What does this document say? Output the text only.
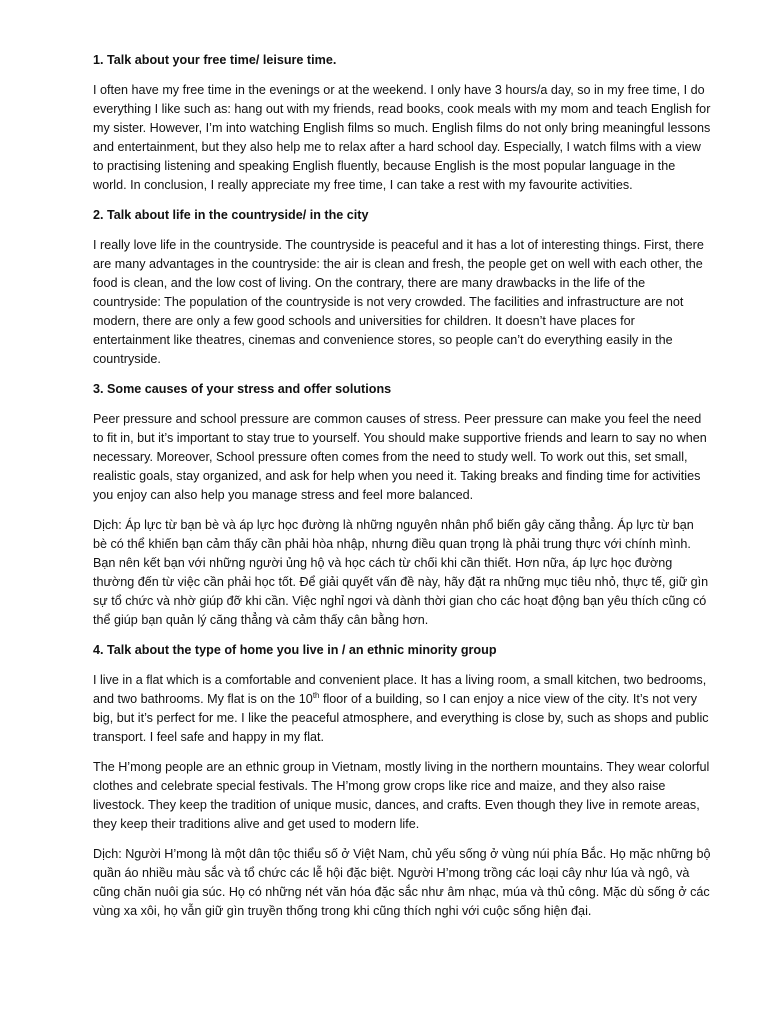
1. Talk about your free time/ leisure time.
I often have my free time in the evenings or at the weekend. I only have 3 hours/a day, so in my free time, I do everything I like such as: hang out with my friends, read books, cook meals with my mom and teach English for my sister. However, I’m into watching English films so much. English films do not only bring meaningful lessons and entertainment, but they also help me to relax after a hard school day. Especially, I watch films with a view to practising listening and speaking English fluently, because English is the most popular language in the world. In conclusion, I really appreciate my free time, I can take a rest with my favourite activities.
2. Talk about life in the countryside/ in the city
I really love life in the countryside. The countryside is peaceful and it has a lot of interesting things. First, there are many advantages in the countryside: the air is clean and fresh, the people get on well with each other, the food is clean, and the low cost of living. On the contrary, there are many drawbacks in the life of the countryside: The population of the countryside is not very crowded. The facilities and infrastructure are not modern, there are only a few good schools and universities for children. It doesn’t have places for entertainment like theatres, cinemas and convenience stores, so people can’t do everything easily in the countryside.
3. Some causes of your stress and offer solutions
Peer pressure and school pressure are common causes of stress. Peer pressure can make you feel the need to fit in, but it’s important to stay true to yourself. You should make supportive friends and learn to say no when necessary. Moreover, School pressure often comes from the need to study well. To work out this, set small, realistic goals, stay organized, and ask for help when you need it. Taking breaks and finding time for activities you enjoy can also help you manage stress and feel more balanced.
Dịch: Áp lực từ bạn bè và áp lực học đường là những nguyên nhân phổ biến gây căng thẳng. Áp lực từ bạn bè có thể khiến bạn cảm thấy cần phải hòa nhập, nhưng điều quan trọng là phải trung thực với chính mình. Bạn nên kết bạn với những người ủng hộ và học cách từ chối khi cần thiết. Hơn nữa, áp lực học đường thường đến từ việc cần phải học tốt. Để giải quyết vấn đề này, hãy đặt ra những mục tiêu nhỏ, thực tế, giữ gìn sự tổ chức và nhờ giúp đỡ khi cần. Việc nghỉ ngơi và dành thời gian cho các hoạt động bạn yêu thích cũng có thể giúp bạn quản lý căng thẳng và cảm thấy cân bằng hơn.
4. Talk about the type of home you live in / an ethnic minority group
I live in a flat which is a comfortable and convenient place. It has a living room, a small kitchen, two bedrooms, and two bathrooms. My flat is on the 10th floor of a building, so I can enjoy a nice view of the city. It’s not very big, but it’s perfect for me. I like the peaceful atmosphere, and everything is close by, such as shops and public transport. I feel safe and happy in my flat.
The H’mong people are an ethnic group in Vietnam, mostly living in the northern mountains. They wear colorful clothes and celebrate special festivals. The H’mong grow crops like rice and maize, and they also raise livestock. They keep the tradition of unique music, dances, and crafts. Even though they live in remote areas, they keep their traditions alive and get used to modern life.
Dịch: Người H’mong là một dân tộc thiểu số ở Việt Nam, chủ yếu sống ở vùng núi phía Bắc. Họ mặc những bộ quần áo nhiều màu sắc và tổ chức các lễ hội đặc biệt. Người H’mong trồng các loại cây như lúa và ngô, và cũng chăn nuôi gia súc. Họ có những nét văn hóa đặc sắc như âm nhạc, múa và thủ công. Mặc dù sống ở các vùng xa xôi, họ vẫn giữ gìn truyền thống trong khi cũng thích nghi với cuộc sống hiện đại.
